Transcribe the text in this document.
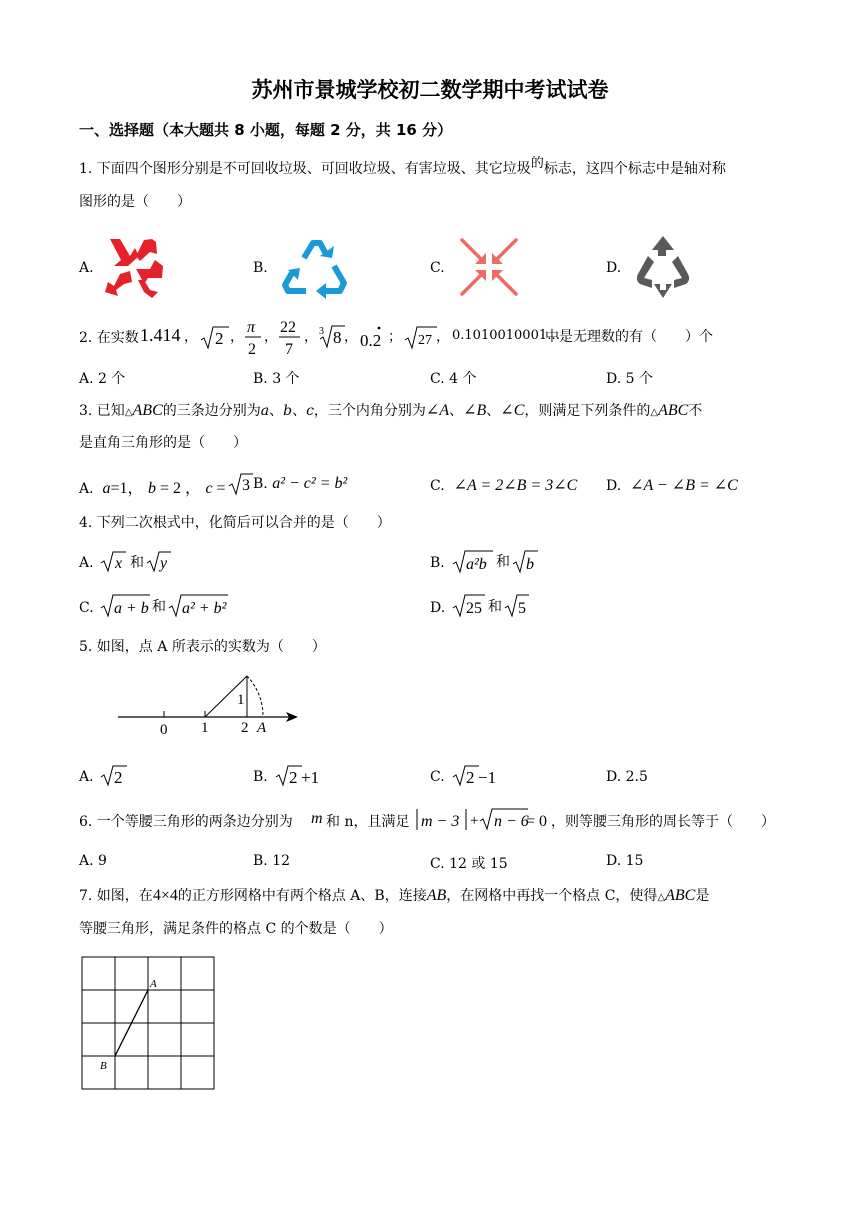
苏州市景城学校初二数学期中考试试卷
一、选择题（本大题共 8 小题，每题 2 分，共 16 分）
1. 下面四个图形分别是不可回收垃圾、可回收垃圾、有害垃圾、其它垃圾的标志，这四个标志中是轴对称
图形的是（　　）
A.	B.	C.	D.
2. 在实数 1.414 ， 2 ，
π
2
，
22
7
， 3 8 ， 0.2 ； 27 ， 0.1010010001…
中是无理数的有（　　）个
A. 2 个	B. 3 个	C. 4 个	D. 5 个
3. 已知△ABC的三条边分别为a、b、c，三个内角分别为∠A、∠B、∠C，则满足下列条件的△ABC不
是直角三角形的是（　　）
A. a=1， b = 2 ， c = 3 B. a² − c² = b²	C. ∠A = 2∠B = 3∠C D. ∠A − ∠B = ∠C
4. 下列二次根式中，化简后可以合并的是（　　）
A. x 和 y	B. a²b 和 b
C. a + b 和 a² + b²	D. 25 和 5
5. 如图，点 A 所表示的实数为（　　）
0 1 2 A
1
A. 2	B. 2 +1	C. 2 −1	D. 2.5
6. 一个等腰三角形的两条边分别为 m 和 n，且满足 m − 3 + n − 6
= 0 ，则等腰三角形的周长等于（　　）
A. 9	B. 12	C. 12 或 15	D. 15
7. 如图，在4×4的正方形网格中有两个格点 A、B，连接AB，在网格中再找一个格点 C，使得△ABC是
等腰三角形，满足条件的格点 C 的个数是（　　）
A
B
